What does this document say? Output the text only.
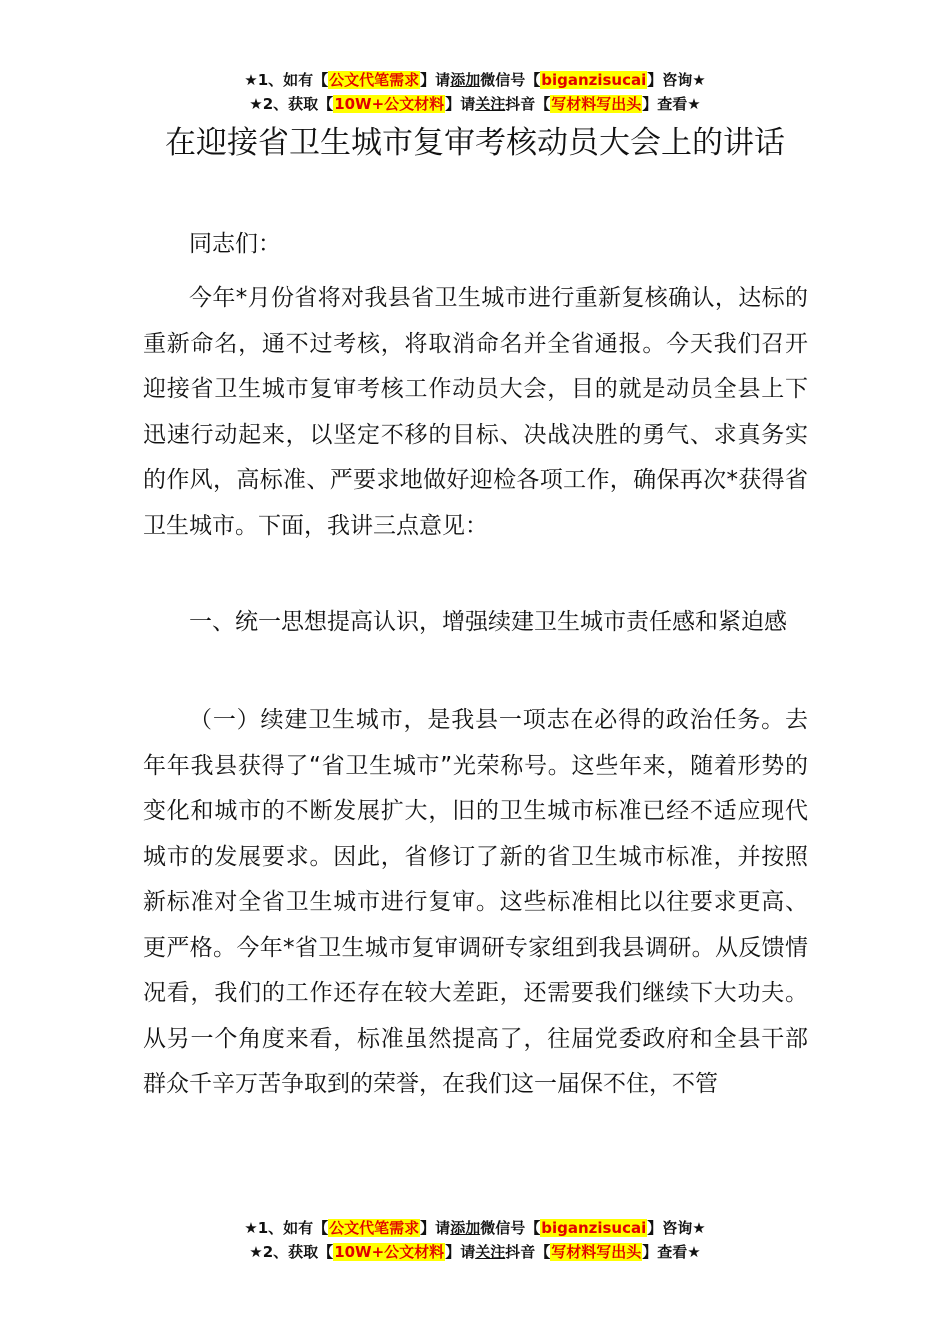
★1、如有【公文代笔需求】请添加微信号【biganzisucai】咨询★
★2、获取【10W+公文材料】请关注抖音【写材料写出头】查看★
在迎接省卫生城市复审考核动员大会上的讲话

同志们：

今年*月份省将对我县省卫生城市进行重新复核确认，达标的重新命名，通不过考核，将取消命名并全省通报。今天我们召开迎接省卫生城市复审考核工作动员大会，目的就是动员全县上下迅速行动起来，以坚定不移的目标、决战决胜的勇气、求真务实的作风，高标准、严要求地做好迎检各项工作，确保再次*获得省卫生城市。下面，我讲三点意见：

一、统一思想提高认识，增强续建卫生城市责任感和紧迫感

（一）续建卫生城市，是我县一项志在必得的政治任务。去年年我县获得了“省卫生城市”光荣称号。这些年来，随着形势的变化和城市的不断发展扩大，旧的卫生城市标准已经不适应现代城市的发展要求。因此，省修订了新的省卫生城市标准，并按照新标准对全省卫生城市进行复审。这些标准相比以往要求更高、更严格。今年*省卫生城市复审调研专家组到我县调研。从反馈情况看，我们的工作还存在较大差距，还需要我们继续下大功夫。从另一个角度来看，标准虽然提高了，往届党委政府和全县干部群众千辛万苦争取到的荣誉，在我们这一届保不住，不管

★1、如有【公文代笔需求】请添加微信号【biganzisucai】咨询★
★2、获取【10W+公文材料】请关注抖音【写材料写出头】查看★
